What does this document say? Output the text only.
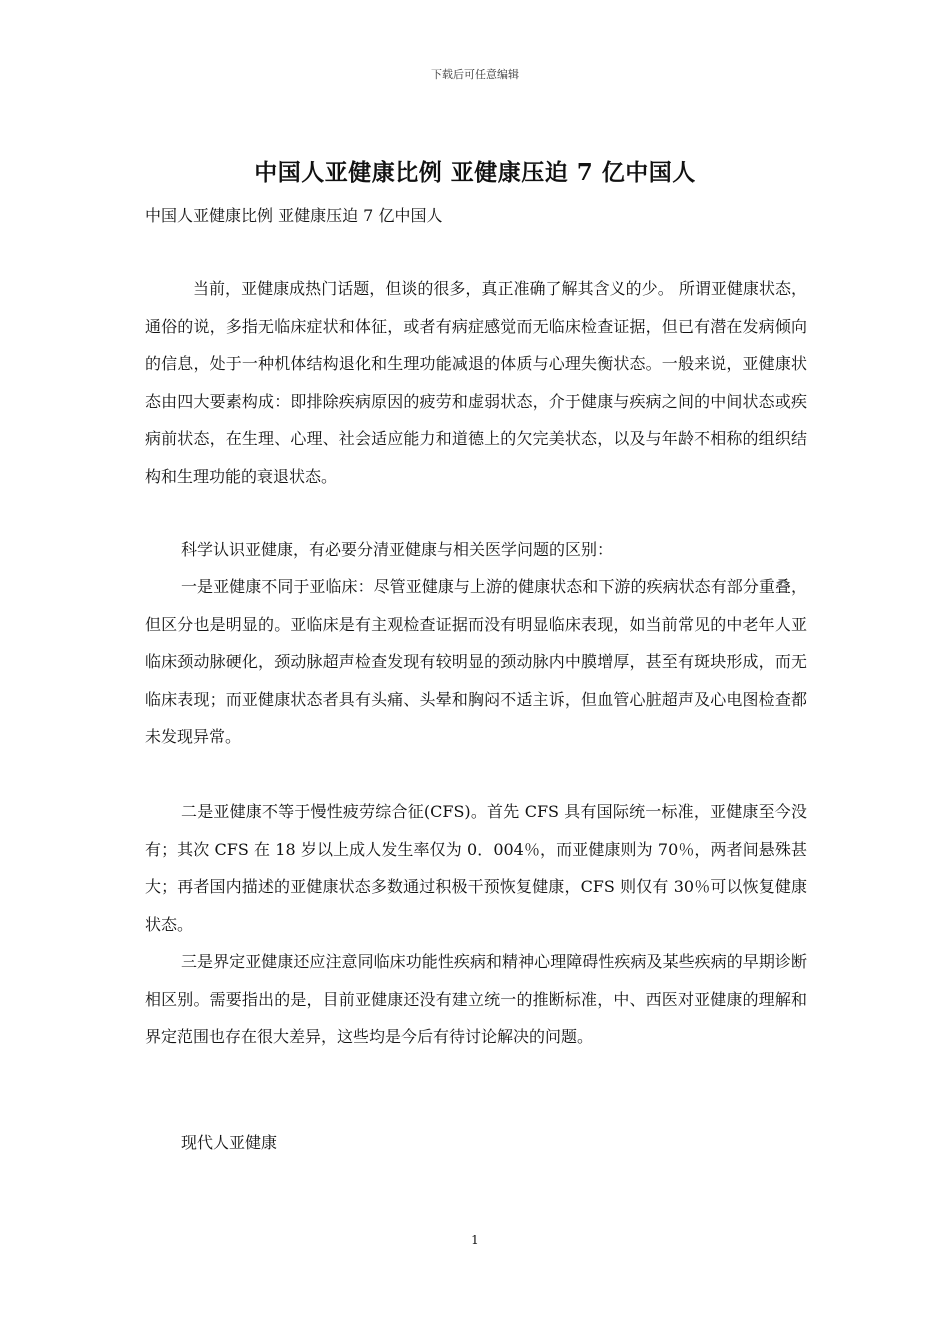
下载后可任意编辑
中国人亚健康比例 亚健康压迫 7 亿中国人

中国人亚健康比例 亚健康压迫 7 亿中国人

当前，亚健康成热门话题，但谈的很多，真正准确了解其含义的少。 所谓亚健康状态，通俗的说，多指无临床症状和体征，或者有病症感觉而无临床检查证据，但已有潜在发病倾向的信息，处于一种机体结构退化和生理功能减退的体质与心理失衡状态。一般来说，亚健康状态由四大要素构成：即排除疾病原因的疲劳和虚弱状态，介于健康与疾病之间的中间状态或疾病前状态，在生理、心理、社会适应能力和道德上的欠完美状态，以及与年龄不相称的组织结构和生理功能的衰退状态。

科学认识亚健康，有必要分清亚健康与相关医学问题的区别：

一是亚健康不同于亚临床：尽管亚健康与上游的健康状态和下游的疾病状态有部分重叠，但区分也是明显的。亚临床是有主观检查证据而没有明显临床表现，如当前常见的中老年人亚临床颈动脉硬化，颈动脉超声检查发现有较明显的颈动脉内中膜增厚，甚至有斑块形成，而无临床表现；而亚健康状态者具有头痛、头晕和胸闷不适主诉，但血管心脏超声及心电图检查都未发现异常。

二是亚健康不等于慢性疲劳综合征(CFS)。首先 CFS 具有国际统一标准，亚健康至今没有；其次 CFS 在 18 岁以上成人发生率仅为 0．004％，而亚健康则为 70％，两者间悬殊甚大；再者国内描述的亚健康状态多数通过积极干预恢复健康，CFS 则仅有 30％可以恢复健康状态。

三是界定亚健康还应注意同临床功能性疾病和精神心理障碍性疾病及某些疾病的早期诊断相区别。需要指出的是，目前亚健康还没有建立统一的推断标准，中、西医对亚健康的理解和界定范围也存在很大差异，这些均是今后有待讨论解决的问题。

现代人亚健康

1
